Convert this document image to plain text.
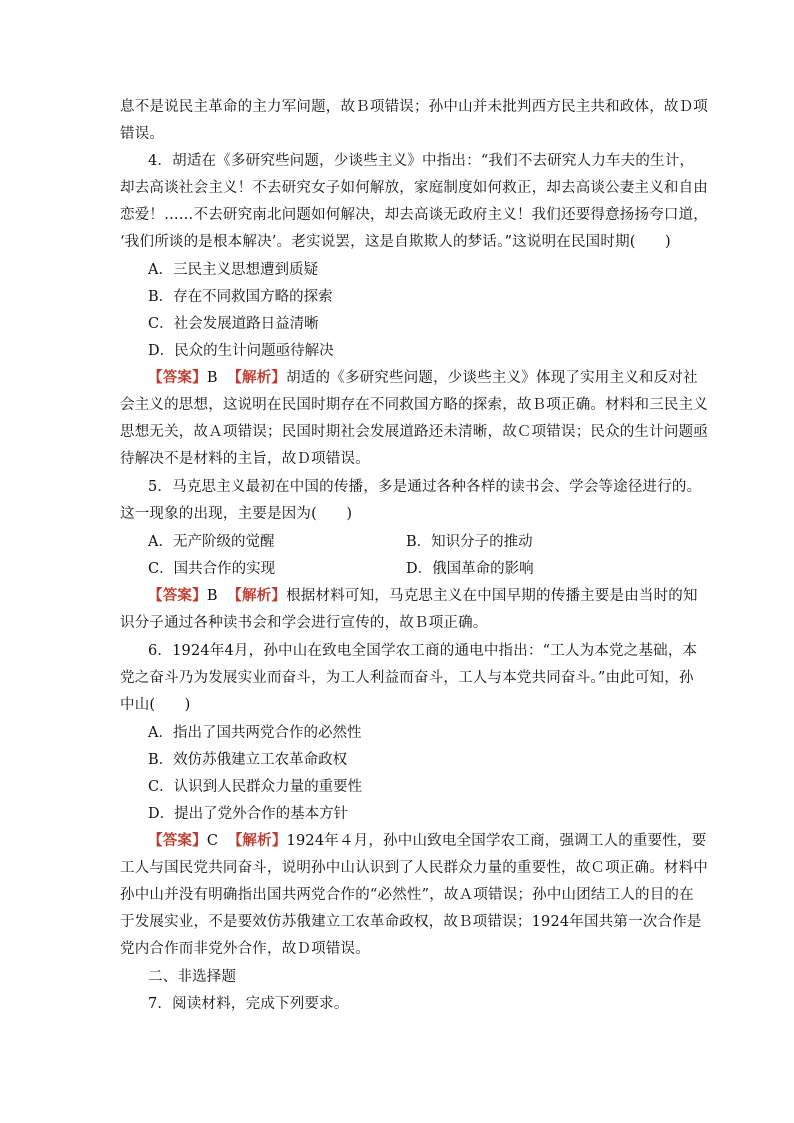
息不是说民主革命的主力军问题，故Ｂ项错误；孙中山并未批判西方民主共和政体，故Ｄ项
错误。
4．胡适在《多研究些问题，少谈些主义》中指出：“我们不去研究人力车夫的生计，
却去高谈社会主义！不去研究女子如何解放，家庭制度如何救正，却去高谈公妻主义和自由
恋爱！……不去研究南北问题如何解决，却去高谈无政府主义！我们还要得意扬扬夸口道，
‘我们所谈的是根本解决’。老实说罢，这是自欺欺人的梦话。”这说明在民国时期(　　)
A．三民主义思想遭到质疑
B．存在不同救国方略的探索
C．社会发展道路日益清晰
D．民众的生计问题亟待解决
【答案】B 【解析】胡适的《多研究些问题，少谈些主义》体现了实用主义和反对社
会主义的思想，这说明在民国时期存在不同救国方略的探索，故Ｂ项正确。材料和三民主义
思想无关，故Ａ项错误；民国时期社会发展道路还未清晰，故Ｃ项错误；民众的生计问题亟
待解决不是材料的主旨，故Ｄ项错误。
5．马克思主义最初在中国的传播，多是通过各种各样的读书会、学会等途径进行的。
这一现象的出现，主要是因为(　　)
A．无产阶级的觉醒	B．知识分子的推动
C．国共合作的实现	D．俄国革命的影响
【答案】B 【解析】根据材料可知，马克思主义在中国早期的传播主要是由当时的知
识分子通过各种读书会和学会进行宣传的，故Ｂ项正确。
6．1924年4月，孙中山在致电全国学农工商的通电中指出：“工人为本党之基础，本
党之奋斗乃为发展实业而奋斗，为工人利益而奋斗，工人与本党共同奋斗。”由此可知，孙
中山(　　)
A．指出了国共两党合作的必然性
B．效仿苏俄建立工农革命政权
C．认识到人民群众力量的重要性
D．提出了党外合作的基本方针
【答案】C 【解析】1924年４月，孙中山致电全国学农工商，强调工人的重要性，要
工人与国民党共同奋斗，说明孙中山认识到了人民群众力量的重要性，故Ｃ项正确。材料中
孙中山并没有明确指出国共两党合作的“必然性”，故Ａ项错误；孙中山团结工人的目的在
于发展实业，不是要效仿苏俄建立工农革命政权，故Ｂ项错误；1924年国共第一次合作是
党内合作而非党外合作，故Ｄ项错误。
二、非选择题
7．阅读材料，完成下列要求。
